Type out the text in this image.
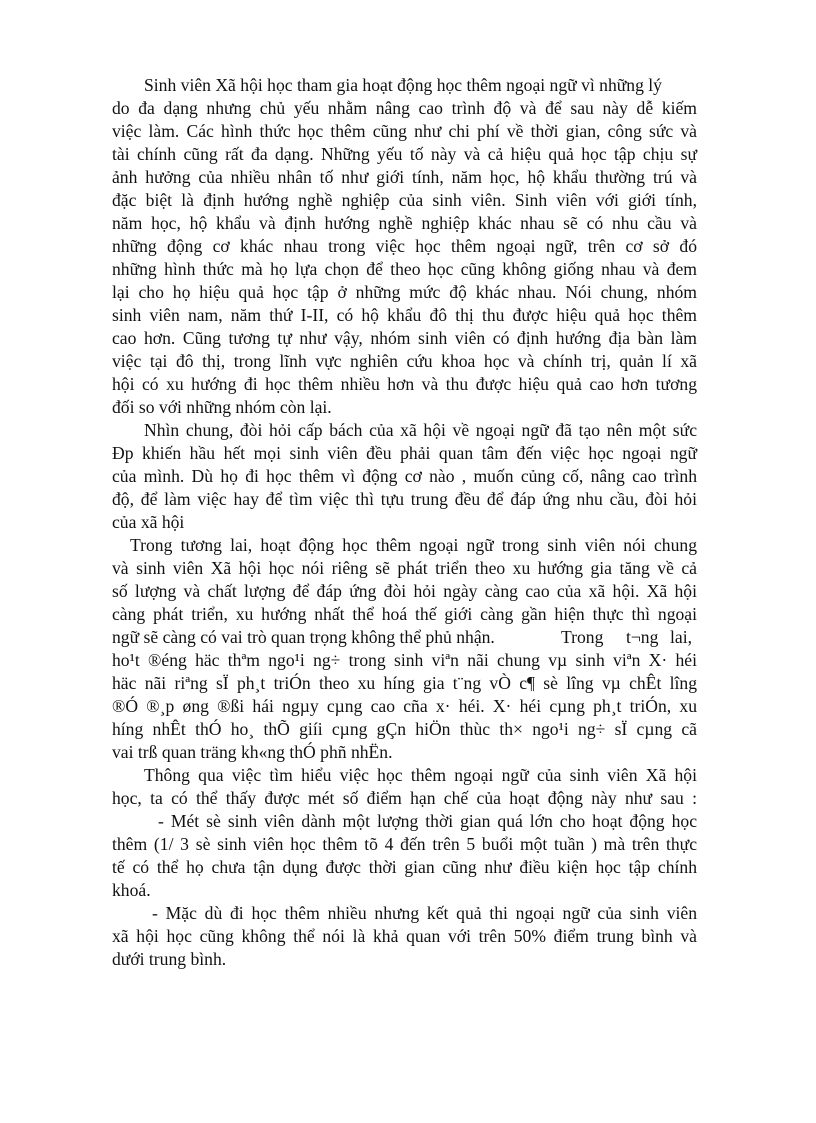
Sinh viên Xã hội học tham gia hoạt động học thêm ngoại ngữ vì những lý
do đa dạng nhưng chủ yếu nhằm nâng cao trình độ và để sau này dễ kiếm
việc làm. Các hình thức học thêm cũng như chi phí về thời gian, công sức và
tài chính cũng rất đa dạng. Những yếu tố này và cả hiệu quả học tập chịu sự
ảnh hưởng của nhiều nhân tố như giới tính, năm học, hộ khẩu thường trú và
đặc biệt là định hướng nghề nghiệp của sinh viên. Sinh viên với giới tính,
năm học, hộ khẩu và định hướng nghề nghiệp khác nhau sẽ có nhu cầu và
những động cơ khác nhau trong việc học thêm ngoại ngữ, trên cơ sở đó
những hình thức mà họ lựa chọn để theo học cũng không giống nhau và đem
lại cho họ hiệu quả học tập ở những mức độ khác nhau. Nói chung, nhóm
sinh viên nam, năm thứ I-II, có hộ khẩu đô thị thu được hiệu quả học thêm
cao hơn. Cũng tương tự như vậy, nhóm sinh viên có định hướng địa bàn làm
việc tại đô thị, trong lĩnh vực nghiên cứu khoa học và chính trị, quản lí xã
hội có xu hướng đi học thêm nhiều hơn và thu được hiệu quả cao hơn tương
đối so với những nhóm còn lại.
Nhìn chung, đòi hỏi cấp bách của xã hội về ngoại ngữ đã tạo nên một sức
Đp khiến hầu hết mọi sinh viên đều phải quan tâm đến việc học ngoại ngữ
của mình. Dù họ đi học thêm vì động cơ nào , muốn củng cố, nâng cao trình
độ, để làm việc hay để tìm việc thì tựu trung đều để đáp ứng nhu cầu, đòi hỏi
của xã hội
Trong tương lai, hoạt động học thêm ngoại ngữ trong sinh viên nói chung
và sinh viên Xã hội học nói riêng sẽ phát triển theo xu hướng gia tăng về cả
số lượng và chất lượng để đáp ứng đòi hỏi ngày càng cao của xã hội. Xã hội
càng phát triển, xu hướng nhất thể hoá thế giới càng gần hiện thực thì ngoại
ngữ sẽ càng có vai trò quan trọng không thể phủ nhận.	Trong	t¬ng lai,
ho¹t ®éng häc thªm ngo¹i ng÷ trong sinh viªn nãi chung vµ sinh viªn X· héi
häc nãi riªng sÏ ph¸t triÓn theo xu híng gia t¨ng vÒ c¶ sè lîng vµ chÊt lîng
®Ó ®¸p øng ®ßi hái ngµy cµng cao cña x· héi. X· héi cµng ph¸t triÓn, xu
híng nhÊt thÓ ho¸ thÕ giíi cµng gÇn hiÖn thùc th× ngo¹i ng÷ sÏ cµng cã
vai trß quan träng kh«ng thÓ phñ nhËn.
Thông qua việc tìm hiểu việc học thêm ngoại ngữ của sinh viên Xã hội
học, ta có thể thấy được mét số điểm hạn chế của hoạt động này như sau :
- Mét sè sinh viên dành một lượng thời gian quá lớn cho hoạt động học
thêm (1/ 3 sè sinh viên học thêm tõ 4 đến trên 5 buổi một tuần ) mà trên thực
tế có thể họ chưa tận dụng được thời gian cũng như điều kiện học tập chính
khoá.
- Mặc dù đi học thêm nhiều nhưng kết quả thi ngoại ngữ của sinh viên
xã hội học cũng không thể nói là khả quan với trên 50% điểm trung bình và
dưới trung bình.
